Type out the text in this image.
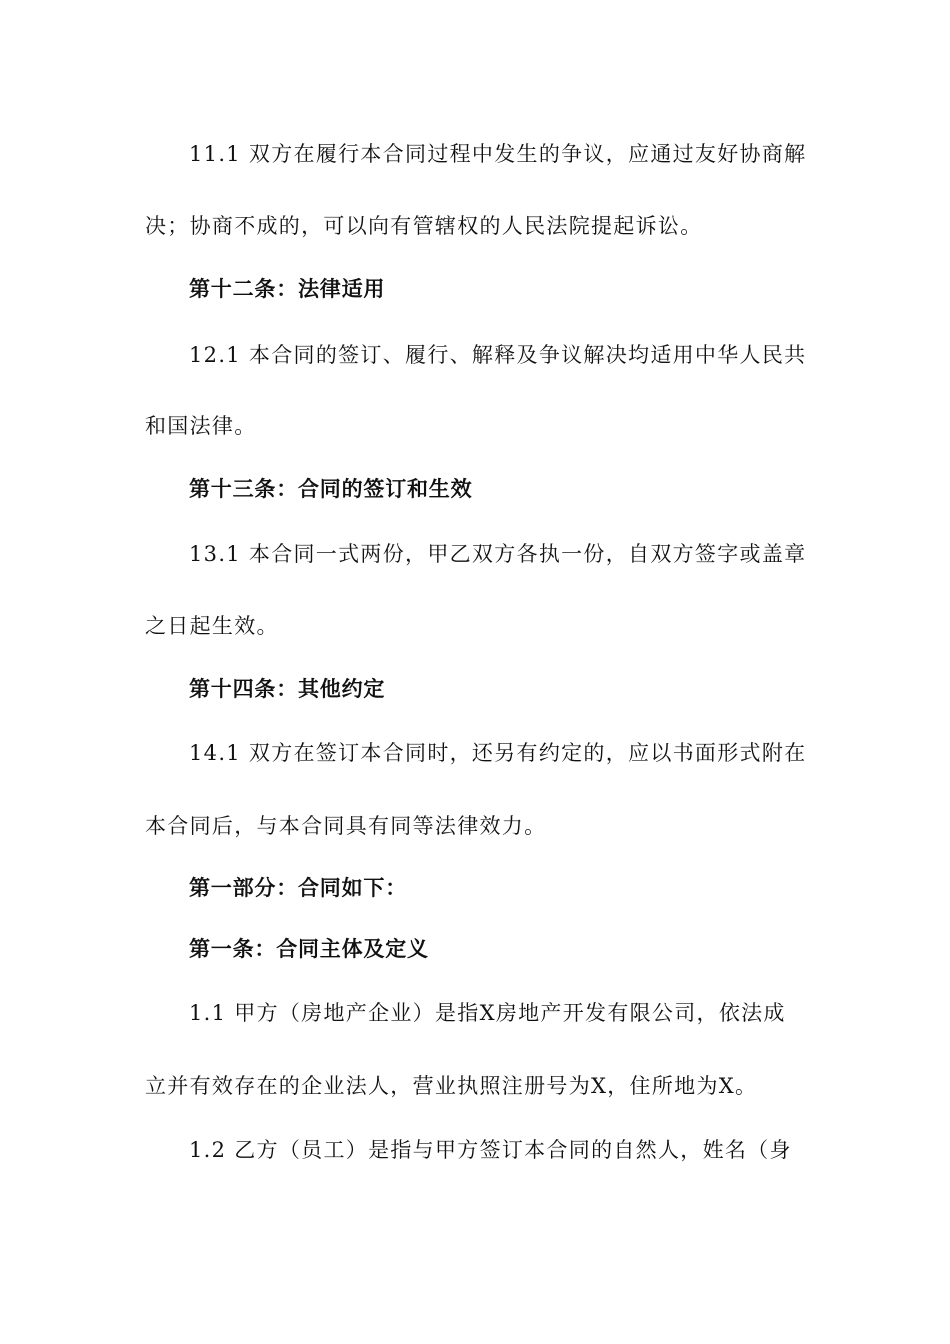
11.1 双方在履行本合同过程中发生的争议，应通过友好协商解
决；协商不成的，可以向有管辖权的人民法院提起诉讼。
第十二条：法律适用
12.1 本合同的签订、履行、解释及争议解决均适用中华人民共
和国法律。
第十三条：合同的签订和生效
13.1 本合同一式两份，甲乙双方各执一份，自双方签字或盖章
之日起生效。
第十四条：其他约定
14.1 双方在签订本合同时，还另有约定的，应以书面形式附在
本合同后，与本合同具有同等法律效力。
第一部分：合同如下：
第一条：合同主体及定义
1.1 甲方（房地产企业）是指X房地产开发有限公司，依法成
立并有效存在的企业法人，营业执照注册号为X，住所地为X。
1.2 乙方（员工）是指与甲方签订本合同的自然人，姓名（身
